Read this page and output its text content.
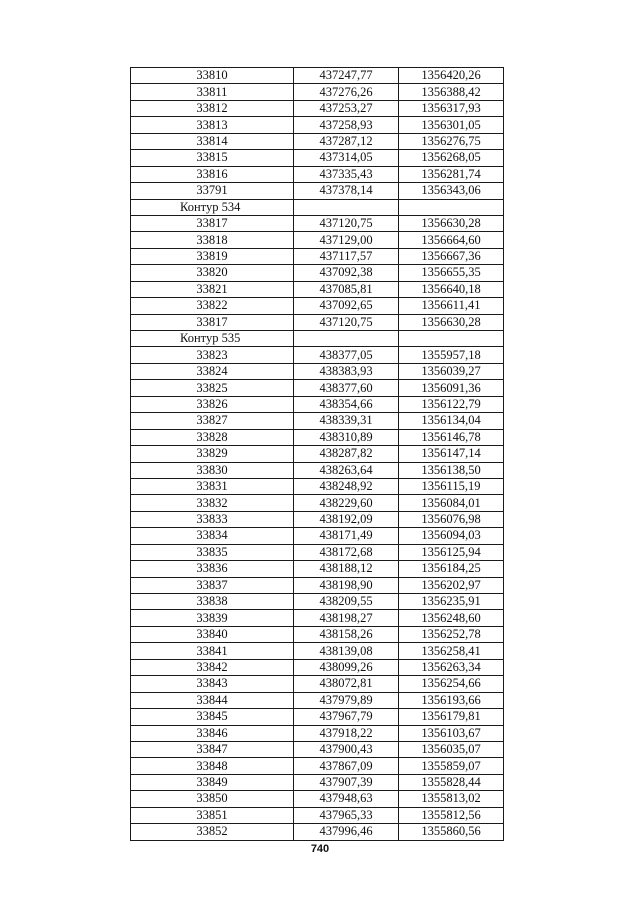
33810	437247,77	1356420,26
33811	437276,26	1356388,42
33812	437253,27	1356317,93
33813	437258,93	1356301,05
33814	437287,12	1356276,75
33815	437314,05	1356268,05
33816	437335,43	1356281,74
33791	437378,14	1356343,06
Контур 534		
33817	437120,75	1356630,28
33818	437129,00	1356664,60
33819	437117,57	1356667,36
33820	437092,38	1356655,35
33821	437085,81	1356640,18
33822	437092,65	1356611,41
33817	437120,75	1356630,28
Контур 535		
33823	438377,05	1355957,18
33824	438383,93	1356039,27
33825	438377,60	1356091,36
33826	438354,66	1356122,79
33827	438339,31	1356134,04
33828	438310,89	1356146,78
33829	438287,82	1356147,14
33830	438263,64	1356138,50
33831	438248,92	1356115,19
33832	438229,60	1356084,01
33833	438192,09	1356076,98
33834	438171,49	1356094,03
33835	438172,68	1356125,94
33836	438188,12	1356184,25
33837	438198,90	1356202,97
33838	438209,55	1356235,91
33839	438198,27	1356248,60
33840	438158,26	1356252,78
33841	438139,08	1356258,41
33842	438099,26	1356263,34
33843	438072,81	1356254,66
33844	437979,89	1356193,66
33845	437967,79	1356179,81
33846	437918,22	1356103,67
33847	437900,43	1356035,07
33848	437867,09	1355859,07
33849	437907,39	1355828,44
33850	437948,63	1355813,02
33851	437965,33	1355812,56
33852	437996,46	1355860,56
740
